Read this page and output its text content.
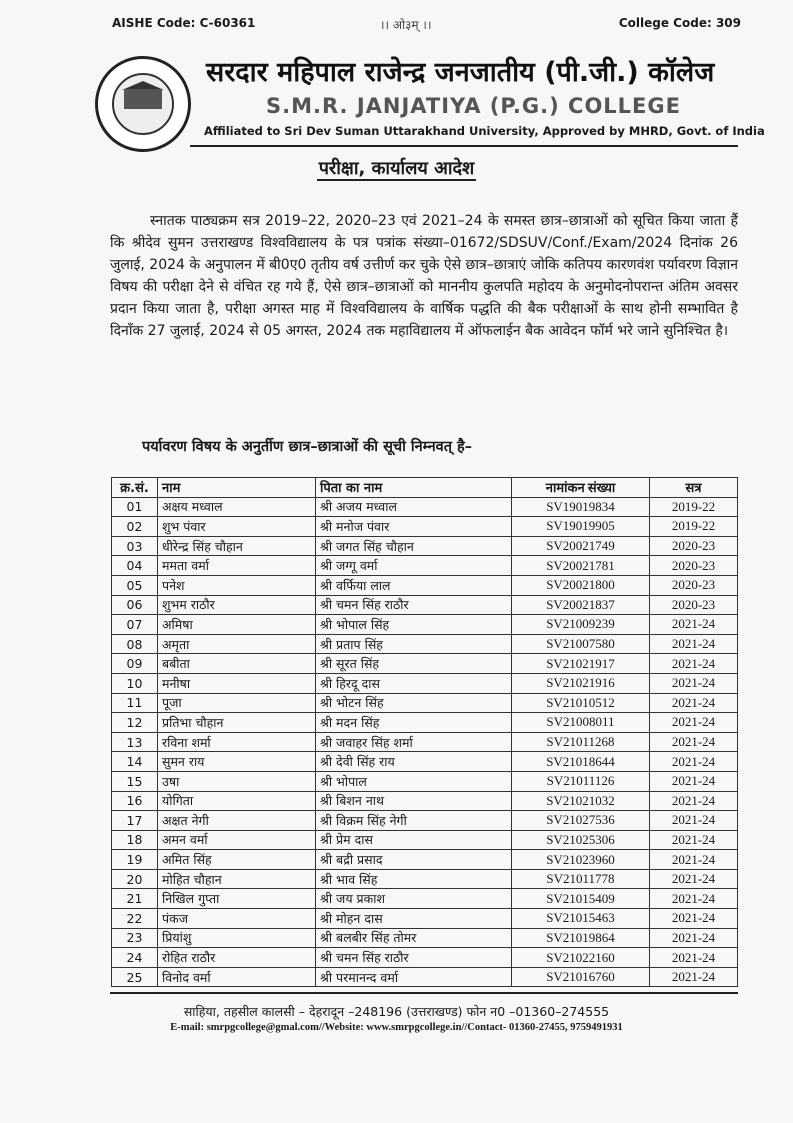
AISHE Code: C-60361	।। ओ३म् ।।	College Code: 309
सरदार महिपाल राजेन्द्र जनजातीय (पी.जी.) कॉलेज
S.M.R. JANJATIYA (P.G.) COLLEGE
Affiliated to Sri Dev Suman Uttarakhand University, Approved by MHRD, Govt. of India
परीक्षा, कार्यालय आदेश
स्नातक पाठ्यक्रम सत्र 2019–22, 2020–23 एवं 2021–24 के समस्त छात्र–छात्राओं को सूचित किया जाता हैं कि श्रीदेव सुमन उत्तराखण्ड विश्वविद्यालय के पत्र पत्रांक संख्या–01672/SDSUV/Conf./Exam/2024 दिनांक 26 जुलाई, 2024 के अनुपालन में बी0ए0 तृतीय वर्ष उत्तीर्ण कर चुके ऐसे छात्र–छात्राएं जोकि कतिपय कारणवंश पर्यावरण विज्ञान विषय की परीक्षा देने से वंचित रह गये हैं, ऐसे छात्र–छात्राओं को माननीय कुलपति महोदय के अनुमोदनोपरान्त अंतिम अवसर प्रदान किया जाता है, परीक्षा अगस्त माह में विश्वविद्यालय के वार्षिक पद्धति की बैक परीक्षाओं के साथ होनी सम्भावित है दिनाँक 27 जुलाई, 2024 से 05 अगस्त, 2024 तक महाविद्यालय में ऑफलाईन बैक आवेदन फॉर्म भरे जाने सुनिश्चित है।
पर्यावरण विषय के अनुर्तीण छात्र–छात्राओं की सूची निम्नवत् है–
क्र.सं.	नाम	पिता का नाम	नामांकन संख्या	सत्र
01	अक्षय मध्वाल	श्री अजय मध्वाल	SV19019834	2019-22
02	शुभ पंवार	श्री मनोज पंवार	SV19019905	2019-22
03	धीरेन्द्र सिंह चौहान	श्री जगत सिंह चौहान	SV20021749	2020-23
04	ममता वर्मा	श्री जग्गू वर्मा	SV20021781	2020-23
05	पनेश	श्री वर्फिया लाल	SV20021800	2020-23
06	शुभम राठौर	श्री चमन सिंह राठौर	SV20021837	2020-23
07	अमिषा	श्री भोपाल सिंह	SV21009239	2021-24
08	अमृता	श्री प्रताप सिंह	SV21007580	2021-24
09	बबीता	श्री सूरत सिंह	SV21021917	2021-24
10	मनीषा	श्री हिरदू दास	SV21021916	2021-24
11	पूजा	श्री भोटन सिंह	SV21010512	2021-24
12	प्रतिभा चौहान	श्री मदन सिंह	SV21008011	2021-24
13	रविना शर्मा	श्री जवाहर सिंह शर्मा	SV21011268	2021-24
14	सुमन राय	श्री देवी सिंह राय	SV21018644	2021-24
15	उषा	श्री भोपाल	SV21011126	2021-24
16	योगिता	श्री बिशन नाथ	SV21021032	2021-24
17	अक्षत नेगी	श्री विक्रम सिंह नेगी	SV21027536	2021-24
18	अमन वर्मा	श्री प्रेम दास	SV21025306	2021-24
19	अमित सिंह	श्री बद्री प्रसाद	SV21023960	2021-24
20	मोहित चौहान	श्री भाव सिंह	SV21011778	2021-24
21	निखिल गुप्ता	श्री जय प्रकाश	SV21015409	2021-24
22	पंकज	श्री मोहन दास	SV21015463	2021-24
23	प्रियांशु	श्री बलबीर सिंह तोमर	SV21019864	2021-24
24	रोहित राठौर	श्री चमन सिंह राठौर	SV21022160	2021-24
25	विनोद वर्मा	श्री परमानन्द वर्मा	SV21016760	2021-24
साहिया, तहसील कालसी – देहरादून –248196 (उत्तराखण्ड) फोन न0 –01360–274555
E-mail: smrpgcollege@gmal.com//Website: www.smrpgcollege.in//Contact- 01360-27455, 9759491931
